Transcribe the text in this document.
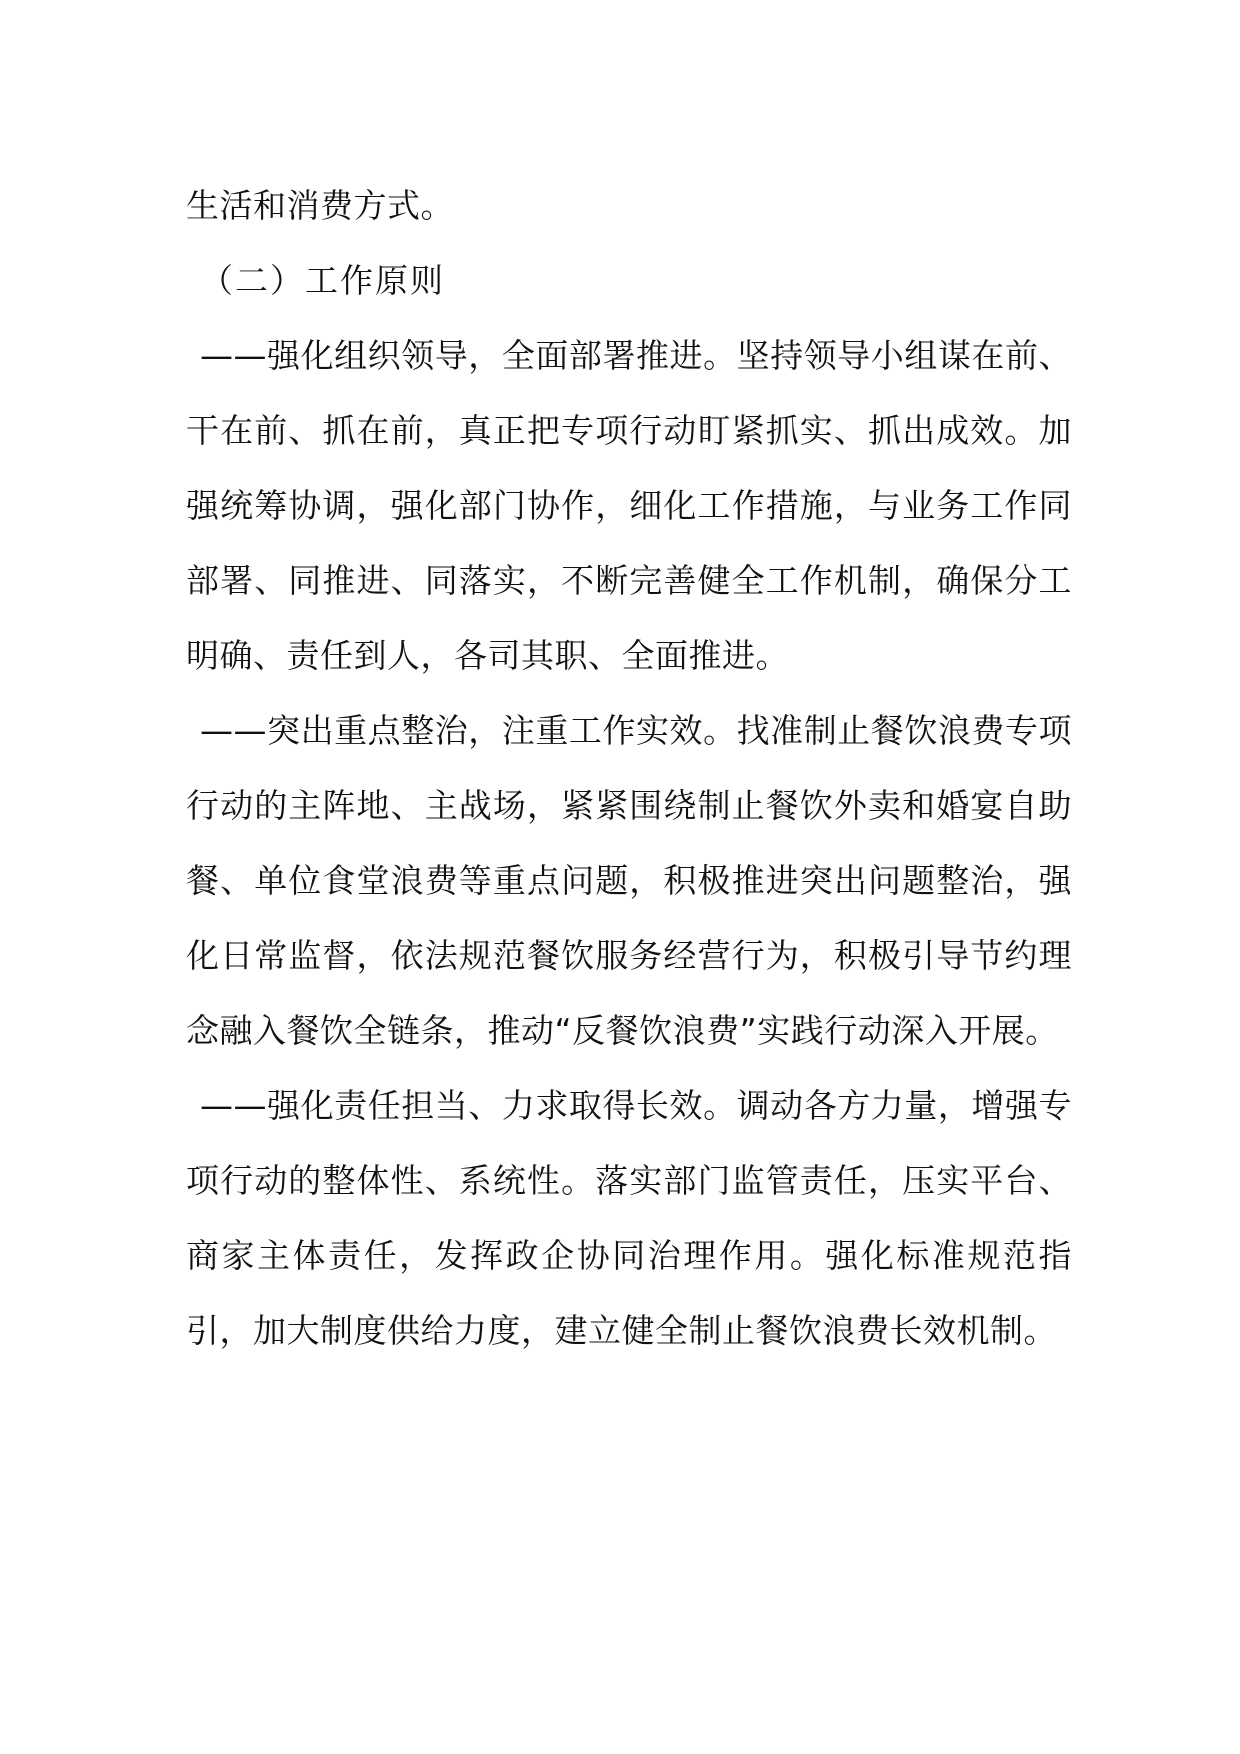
生活和消费方式。

（二）工作原则

——强化组织领导，全面部署推进。坚持领导小组谋在前、干在前、抓在前，真正把专项行动盯紧抓实、抓出成效。加强统筹协调，强化部门协作，细化工作措施，与业务工作同部署、同推进、同落实，不断完善健全工作机制，确保分工明确、责任到人，各司其职、全面推进。

——突出重点整治，注重工作实效。找准制止餐饮浪费专项行动的主阵地、主战场，紧紧围绕制止餐饮外卖和婚宴自助餐、单位食堂浪费等重点问题，积极推进突出问题整治，强化日常监督，依法规范餐饮服务经营行为，积极引导节约理念融入餐饮全链条，推动“反餐饮浪费”实践行动深入开展。

——强化责任担当、力求取得长效。调动各方力量，增强专项行动的整体性、系统性。落实部门监管责任，压实平台、商家主体责任，发挥政企协同治理作用。强化标准规范指引，加大制度供给力度，建立健全制止餐饮浪费长效机制。
